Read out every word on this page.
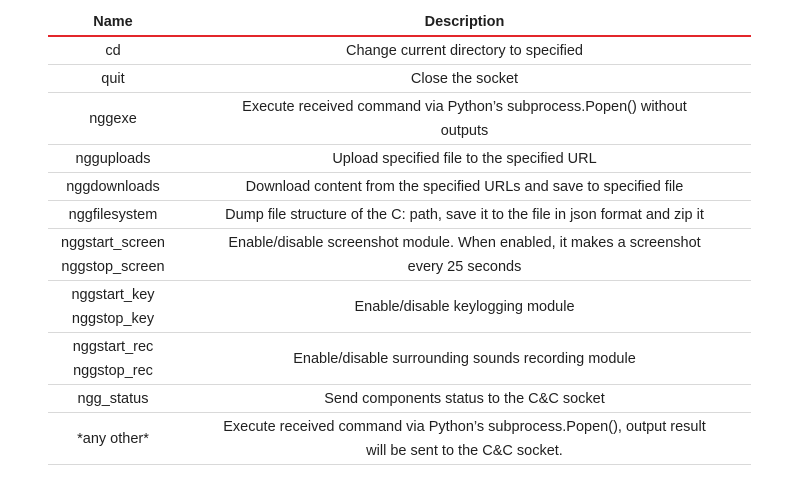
Name	Description

cd	Change current directory to specified

quit	Close the socket

nggexe	Execute received command via Python’s subprocess.Popen() without
outputs

ngguploads	Upload specified file to the specified URL

nggdownloads	Download content from the specified URLs and save to specified file

nggfilesystem	Dump file structure of the C: path, save it to the file in json format and zip it

nggstart_screen
nggstop_screen	Enable/disable screenshot module. When enabled, it makes a screenshot
every 25 seconds

nggstart_key
nggstop_key	Enable/disable keylogging module

nggstart_rec
nggstop_rec	Enable/disable surrounding sounds recording module

ngg_status	Send components status to the C&C socket

*any other*	Execute received command via Python’s subprocess.Popen(), output result
will be sent to the C&C socket.
